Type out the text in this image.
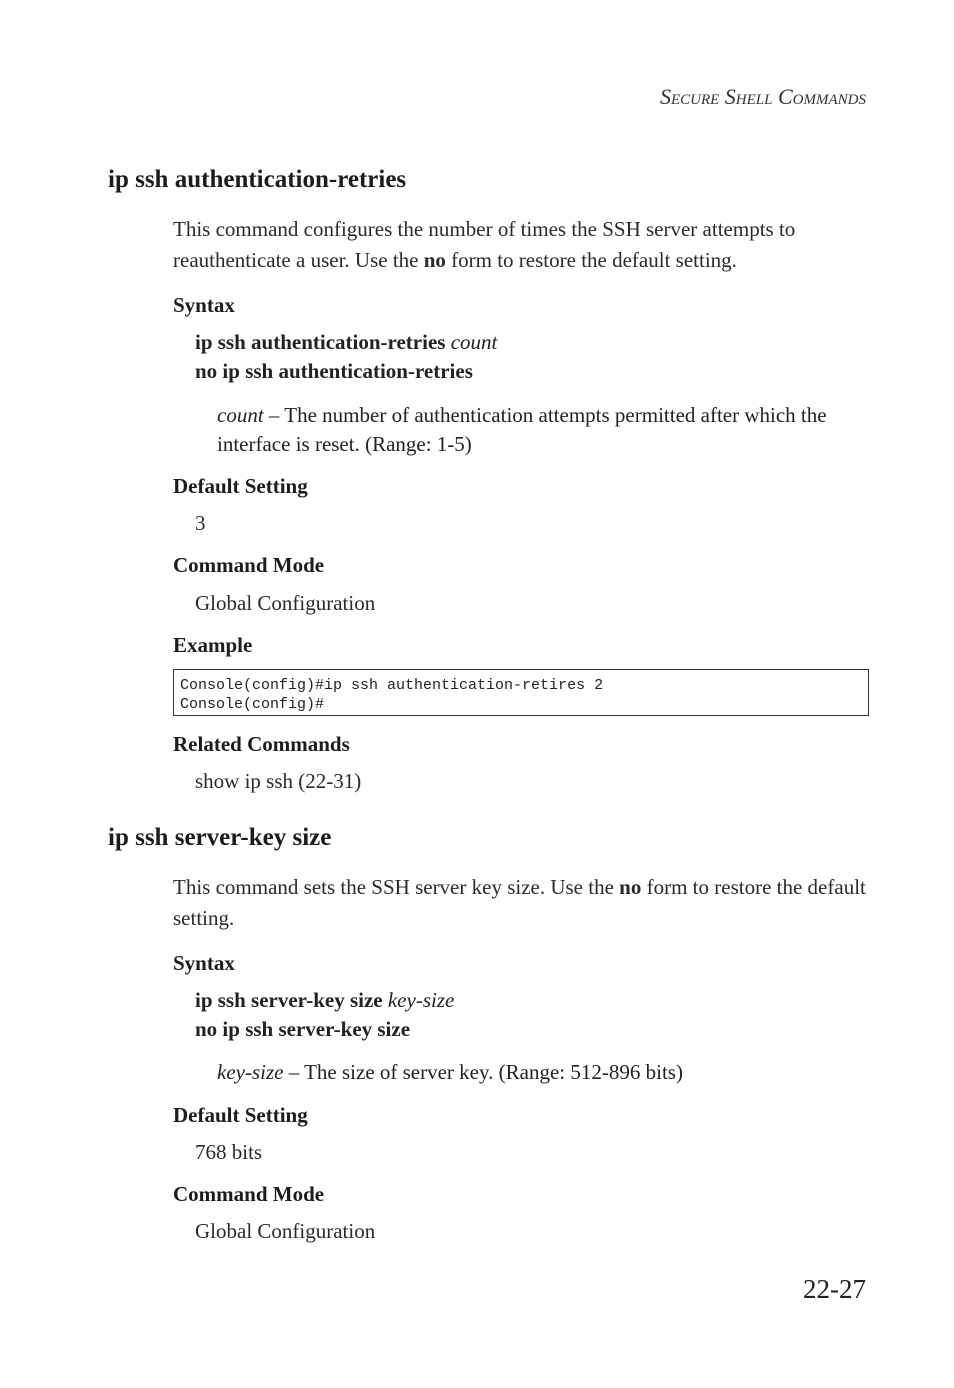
Secure Shell Commands
ip ssh authentication-retries
This command configures the number of times the SSH server attempts to reauthenticate a user. Use the no form to restore the default setting.
Syntax
ip ssh authentication-retries count
no ip ssh authentication-retries
count – The number of authentication attempts permitted after which the interface is reset. (Range: 1-5)
Default Setting
3
Command Mode
Global Configuration
Example
Console(config)#ip ssh authentication-retires 2
Console(config)#
Related Commands
show ip ssh (22-31)
ip ssh server-key size
This command sets the SSH server key size. Use the no form to restore the default setting.
Syntax
ip ssh server-key size key-size
no ip ssh server-key size
key-size – The size of server key. (Range: 512-896 bits)
Default Setting
768 bits
Command Mode
Global Configuration
22-27
